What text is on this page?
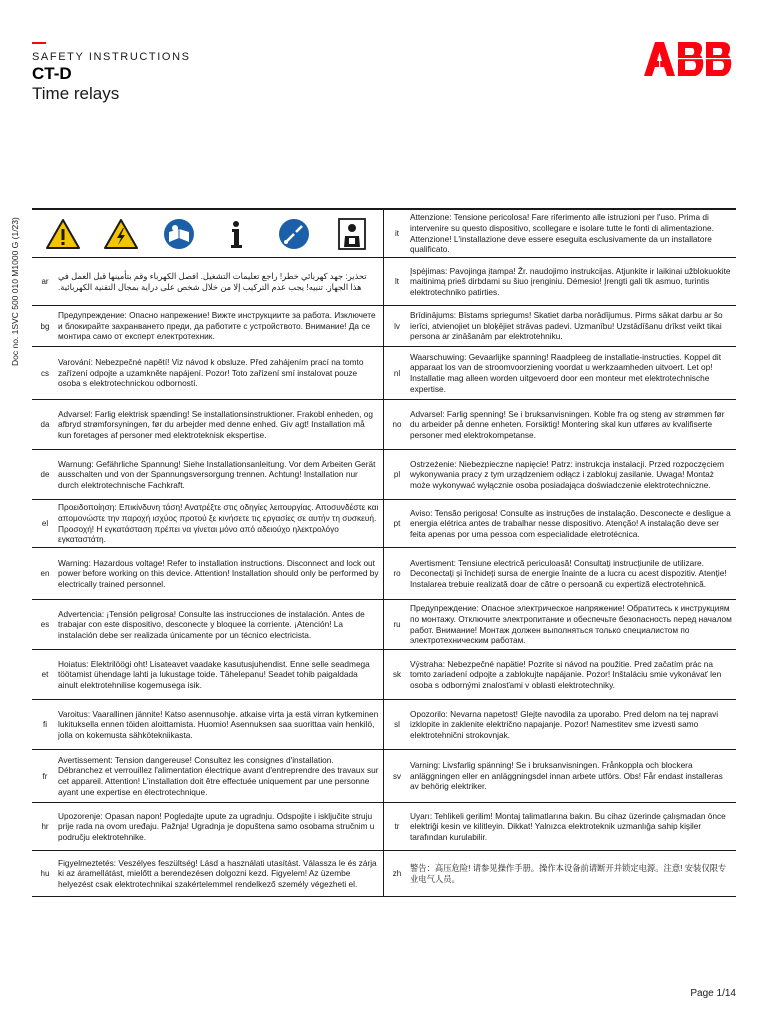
SAFETY INSTRUCTIONS
CT-D
Time relays
Doc no. 1SVC 500 010 M1000 G (1/23)	it
Attenzione: Tensione pericolosa! Fare riferimento alle istruzioni per l'uso. Prima di intervenire su questo dispositivo, scollegare e isolare tutte le fonti di alimentazione. Attenzione! L'installazione deve essere eseguita esclusivamente da un installatore qualificato.
ar
تحذير: جهد كهربائي خطر! راجع تعليمات التشغيل. افصل الكهرباء وقم بتأمينها قبل العمل في هذا الجهاز. تنبيه! يجب عدم التركيب إلا من خلال شخص على دراية بمجال التقنية الكهربائية.	lt
Įspėjimas: Pavojinga įtampa! Žr. naudojimo instrukcijas. Atjunkite ir laikinai užblokuokite maitinimą prieš dirbdami su šiuo įrenginiu. Dėmesio! Įrengti gali tik asmuo, turintis elektrotechniko patirties.
bg
Предупреждение: Опасно напрежение! Вижте инструкциите за работа. Изключете и блокирайте захранването преди, да работите с устройството. Внимание! Да се монтира само от експерт електротехник.
lv
Brīdinājums: Bīstams spriegums! Skatiet darba norādījumus. Pirms sākat darbu ar šo ierīci, atvienojiet un bloķējiet strāvas padevi. Uzmanību! Uzstādīšanu drīkst veikt tikai persona ar zināšanām par elektrotehniku.
cs
Varování: Nebezpečné napětí! Viz návod k obsluze. Před zahájením prací na tomto zařízení odpojte a uzamkněte napájení. Pozor! Toto zařízení smí instalovat pouze osoba s elektrotechnickou odborností.
nl
Waarschuwing: Gevaarlijke spanning! Raadpleeg de installatie-instructies. Koppel dit apparaat los van de stroomvoorziening voordat u werkzaamheden uitvoert. Let op! Installatie mag alleen worden uitgevoerd door een monteur met elektrotechnische expertise.
da
Advarsel: Farlig elektrisk spænding! Se installationsinstruktioner. Frakobl enheden, og afbryd strømforsyningen, før du arbejder med denne enhed. Giv agt! Installation må kun foretages af personer med elektroteknisk ekspertise.
no
Advarsel: Farlig spenning! Se i bruksanvisningen. Koble fra og steng av strømmen før du arbeider på denne enheten. Forsiktig! Montering skal kun utføres av kvalifiserte personer med elektrokompetanse.
de
Warnung: Gefährliche Spannung! Siehe Installationsanleitung. Vor dem Arbeiten Gerät ausschalten und von der Spannungsversorgung trennen. Achtung! Installation nur durch elektrotechnische Fachkraft.
pl
Ostrzeżenie: Niebezpieczne napięcie! Patrz: instrukcja instalacji. Przed rozpoczęciem wykonywania pracy z tym urządzeniem odłącz i zablokuj zasilanie. Uwaga! Montaż może wykonywać wyłącznie osoba posiadająca doświadczenie elektrotechniczne.
el
Προειδοποίηση: Επικίνδυνη τάση! Ανατρέξτε στις οδηγίες λειτουργίας. Αποσυνδέστε και απομονώστε την παροχή ισχύος προτού ξε κινήσετε τις εργασίες σε αυτήν τη συσκευή. Προσοχή! Η εγκατάσταση πρέπει να γίνεται μόνο από αδειούχο ηλεκτρολόγο εγκαταστάτη.
pt
Aviso: Tensão perigosa! Consulte as instruções de instalação. Desconecte e desligue a energia elétrica antes de trabalhar nesse dispositivo. Atenção! A instalação deve ser feita apenas por uma pessoa com especialidade eletrotécnica.
en
Warning: Hazardous voltage! Refer to installation instructions. Disconnect and lock out power before working on this device. Attention! Installation should only be performed by electrically trained personnel.
ro
Avertisment: Tensiune electrică periculoasă! Consultați instrucțiunile de utilizare. Deconectați și închideți sursa de energie înainte de a lucra cu acest dispozitiv. Atenție! Instalarea trebuie realizată doar de către o persoană cu expertiză electrotehnică.
es
Advertencia: ¡Tensión peligrosa! Consulte las instrucciones de instalación. Antes de trabajar con este dispositivo, desconecte y bloquee la corriente. ¡Atención! La instalación debe ser realizada únicamente por un técnico electricista.
ru
Предупреждение: Опасное электрическое напряжение! Обратитесь к инструкциям по монтажу. Отключите электропитание и обеспечьте безопасность перед началом работ. Внимание! Монтаж должен выполняться только специалистом по электротехническим работам.
et
Hoiatus: Elektrilöögi oht! Lisateavet vaadake kasutusjuhendist. Enne selle seadmega töötamist ühendage lahti ja lukustage toide. Tähelepanu! Seadet tohib paigaldada ainult elektrotehnilise kogemusega isik.
sk
Výstraha: Nebezpečné napätie! Pozrite si návod na použitie. Pred začatím prác na tomto zariadení odpojte a zablokujte napájanie. Pozor! Inštaláciu smie vykonávať len osoba s odbornými znalosťami v oblasti elektrotechniky.
fi
Varoitus: Vaarallinen jännite! Katso asennusohje. atkaise virta ja estä virran kytkeminen lukituksella ennen töiden aloittamista. Huomio! Asennuksen saa suorittaa vain henkilö, jolla on kokemusta sähkötekniikasta.
sl
Opozorilo: Nevarna napetost! Glejte navodila za uporabo. Pred delom na tej napravi izklopite in zaklenite električno napajanje. Pozor! Namestitev sme izvesti samo elektrotehnični strokovnjak.
fr
Avertissement: Tension dangereuse! Consultez les consignes d'installation. Débranchez et verrouillez l'alimentation électrique avant d'entreprendre des travaux sur cet appareil. Attention! L'installation doit être effectuée uniquement par une personne ayant une expertise en électrotechnique.
sv
Varning: Livsfarlig spänning! Se i bruksanvisningen. Frånkoppla och blockera anläggningen eller en anläggningsdel innan arbete utförs. Obs! Får endast installeras av behörig elektriker.
hr
Upozorenje: Opasan napon! Pogledajte upute za ugradnju. Odspojite i isključite struju prije rada na ovom uređaju. Pažnja! Ugradnja je dopuštena samo osobama stručnim u području elektrotehnike.
tr
Uyarı: Tehlikeli gerilim! Montaj talimatlarına bakın. Bu cihaz üzerinde çalışmadan önce elektriği kesin ve kilitleyin. Dikkat! Yalnızca elektroteknik uzmanlığa sahip kişiler tarafından kurulabilir.
hu
Figyelmeztetés: Veszélyes feszültség! Lásd a használati utasítást. Válassza le és zárja ki az áramellátást, mielőtt a berendezésen dolgozni kezd. Figyelem! Az üzembe helyezést csak elektrotechnikai szakértelemmel rendelkező személy végezheti el.
zh
警告：高压危险! 请参见操作手册。操作本设备前请断开并锁定电源。注意! 安装仅限专业电气人员。
Page 1/14
